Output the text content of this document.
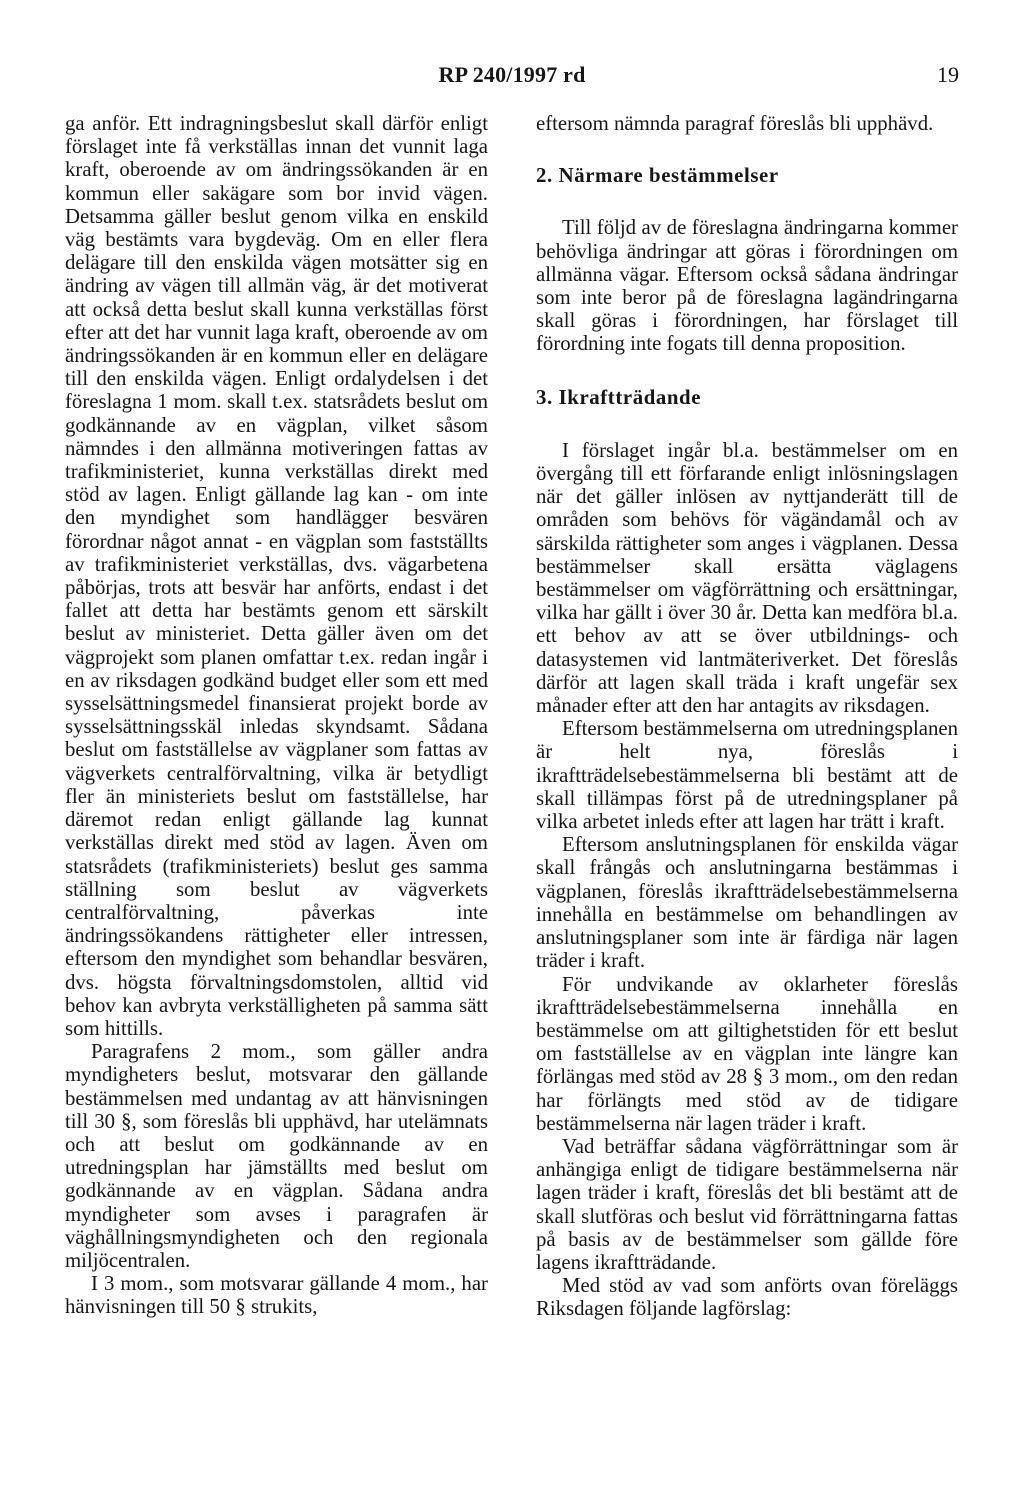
RP 240/1997 rd	19

ga anför. Ett indragningsbeslut skall därför enligt förslaget inte få verkställas innan det vunnit laga kraft, oberoende av om ändringssökanden är en kommun eller sakägare som bor invid vägen. Detsamma gäller beslut genom vilka en enskild väg bestämts vara bygdeväg. Om en eller flera delägare till den enskilda vägen motsätter sig en ändring av vägen till allmän väg, är det motiverat att också detta beslut skall kunna verkställas först efter att det har vunnit laga kraft, oberoende av om ändringssökanden är en kommun eller en delägare till den enskilda vägen. Enligt ordalydelsen i det föreslagna 1 mom. skall t.ex. statsrådets beslut om godkännande av en vägplan, vilket såsom nämndes i den allmänna motiveringen fattas av trafikministeriet, kunna verkställas direkt med stöd av lagen. Enligt gällande lag kan - om inte den myndighet som handlägger besvären förordnar något annat - en vägplan som fastställts av trafikministeriet verkställas, dvs. vägarbetena påbörjas, trots att besvär har anförts, endast i det fallet att detta har bestämts genom ett särskilt beslut av ministeriet. Detta gäller även om det vägprojekt som planen omfattar t.ex. redan ingår i en av riksdagen godkänd budget eller som ett med sysselsättningsmedel finansierat projekt borde av sysselsättningsskäl inledas skyndsamt. Sådana beslut om fastställelse av vägplaner som fattas av vägverkets centralförvaltning, vilka är betydligt fler än ministeriets beslut om fastställelse, har däremot redan enligt gällande lag kunnat verkställas direkt med stöd av lagen. Även om statsrådets (trafikministeriets) beslut ges samma ställning som beslut av vägverkets centralförvaltning, påverkas inte ändringssökandens rättigheter eller intressen, eftersom den myndighet som behandlar besvären, dvs. högsta förvaltningsdomstolen, alltid vid behov kan avbryta verkställigheten på samma sätt som hittills.

Paragrafens 2 mom., som gäller andra myndigheters beslut, motsvarar den gällande bestämmelsen med undantag av att hänvisningen till 30 §, som föreslås bli upphävd, har utelämnats och att beslut om godkännande av en utredningsplan har jämställts med beslut om godkännande av en vägplan. Sådana andra myndigheter som avses i paragrafen är väghållningsmyndigheten och den regionala miljöcentralen.

I 3 mom., som motsvarar gällande 4 mom., har hänvisningen till 50 § strukits,

eftersom nämnda paragraf föreslås bli upphävd.

2. Närmare bestämmelser

Till följd av de föreslagna ändringarna kommer behövliga ändringar att göras i förordningen om allmänna vägar. Eftersom också sådana ändringar som inte beror på de föreslagna lagändringarna skall göras i förordningen, har förslaget till förordning inte fogats till denna proposition.

3. Ikraftträdande

I förslaget ingår bl.a. bestämmelser om en övergång till ett förfarande enligt inlösningslagen när det gäller inlösen av nyttjanderätt till de områden som behövs för vägändamål och av särskilda rättigheter som anges i vägplanen. Dessa bestämmelser skall ersätta väglagens bestämmelser om vägförrättning och ersättningar, vilka har gällt i över 30 år. Detta kan medföra bl.a. ett behov av att se över utbildnings- och datasystemen vid lantmäteriverket. Det föreslås därför att lagen skall träda i kraft ungefär sex månader efter att den har antagits av riksdagen.

Eftersom bestämmelserna om utredningsplanen är helt nya, föreslås i ikraftträdelsebestämmelserna bli bestämt att de skall tillämpas först på de utredningsplaner på vilka arbetet inleds efter att lagen har trätt i kraft.

Eftersom anslutningsplanen för enskilda vägar skall frångås och anslutningarna bestämmas i vägplanen, föreslås ikraftträdelsebestämmelserna innehålla en bestämmelse om behandlingen av anslutningsplaner som inte är färdiga när lagen träder i kraft.

För undvikande av oklarheter föreslås ikraftträdelsebestämmelserna innehålla en bestämmelse om att giltighetstiden för ett beslut om fastställelse av en vägplan inte längre kan förlängas med stöd av 28 § 3 mom., om den redan har förlängts med stöd av de tidigare bestämmelserna när lagen träder i kraft.

Vad beträffar sådana vägförrättningar som är anhängiga enligt de tidigare bestämmelserna när lagen träder i kraft, föreslås det bli bestämt att de skall slutföras och beslut vid förrättningarna fattas på basis av de bestämmelser som gällde före lagens ikraftträdande.

Med stöd av vad som anförts ovan föreläggs Riksdagen följande lagförslag:
